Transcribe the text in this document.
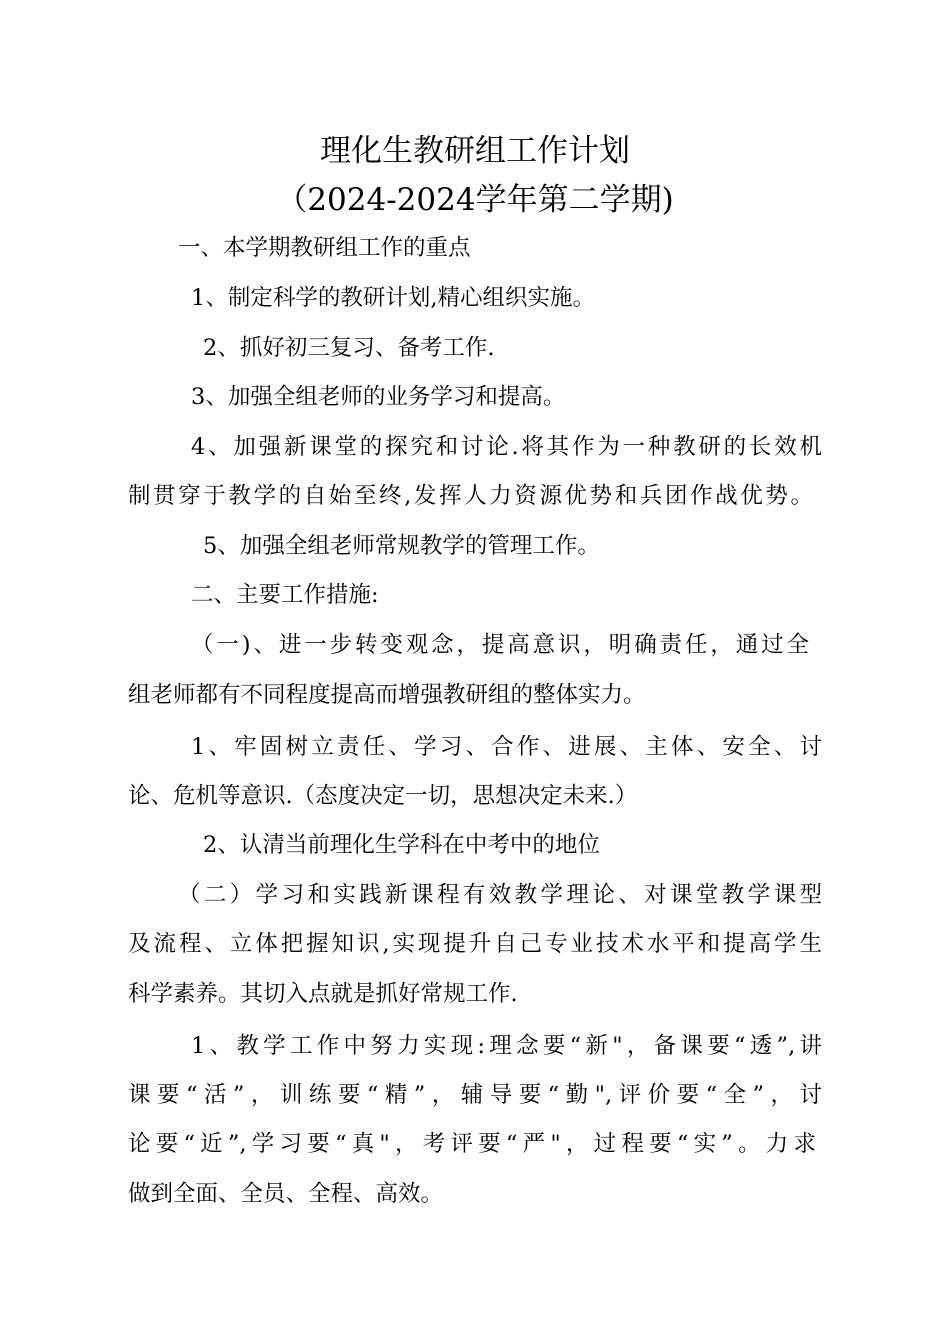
理化生教研组工作计划
（2024-2024学年第二学期)
一、本学期教研组工作的重点
1、制定科学的教研计划,精心组织实施。
2、抓好初三复习、备考工作.
3、加强全组老师的业务学习和提高。
4、加强新课堂的探究和讨论.将其作为一种教研的长效机
制贯穿于教学的自始至终,发挥人力资源优势和兵团作战优势。
5、加强全组老师常规教学的管理工作。
二、主要工作措施:
（一)、进一步转变观念，提高意识，明确责任，通过全
组老师都有不同程度提高而增强教研组的整体实力。
1、牢固树立责任、学习、合作、进展、主体、安全、讨
论、危机等意识.（态度决定一切，思想决定未来.）
2、认清当前理化生学科在中考中的地位
（二）学习和实践新课程有效教学理论、对课堂教学课型
及流程、立体把握知识,实现提升自己专业技术水平和提高学生
科学素养。其切入点就是抓好常规工作.
1、教学工作中努力实现:理念要“新"，备课要“透”,讲
课要“活”，训练要“精”，辅导要“勤",评价要“全”，讨
论要“近”,学习要“真"，考评要“严"，过程要“实”。力求
做到全面、全员、全程、高效。
